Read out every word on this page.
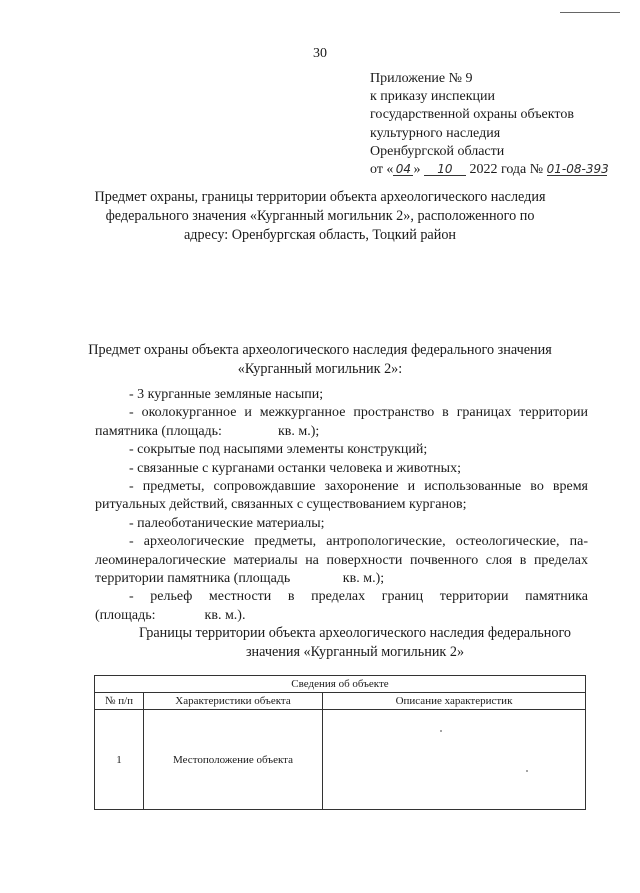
30
Приложение № 9
к приказу инспекции
государственной охраны объектов
культурного наследия
Оренбургской области
от « 04 » 10 2022 года № 01-08-393
Предмет охраны, границы территории объекта археологического наследия
федерального значения «Курганный могильник 2», расположенного по
адресу: Оренбургская область, Тоцкий район
Предмет охраны объекта археологического наследия федерального значения
«Курганный могильник 2»:

- 3 курганные земляные насыпи;

- околокурганное и межкурганное пространство в границах территории

памятника (площадь:                кв. м.);

- сокрытые под насыпями элементы конструкций;

- связанные с курганами останки человека и животных;

- предметы, сопровождавшие захоронение и использованные во время

ритуальных действий, связанных с существованием курганов;

- палеоботанические материалы;

- археологические предметы, антропологические, остеологические, па-

леоминералогические материалы на поверхности почвенного слоя в пределах

территории памятника (площадь               кв. м.);

- рельеф местности в пределах границ территории памятника

(площадь:              кв. м.).

Границы территории объекта археологического наследия федерального
значения «Курганный могильник 2»
Сведения об объекте		
№ п/п	Характеристики объекта	Описание характеристик
1	Местоположение объекта	
